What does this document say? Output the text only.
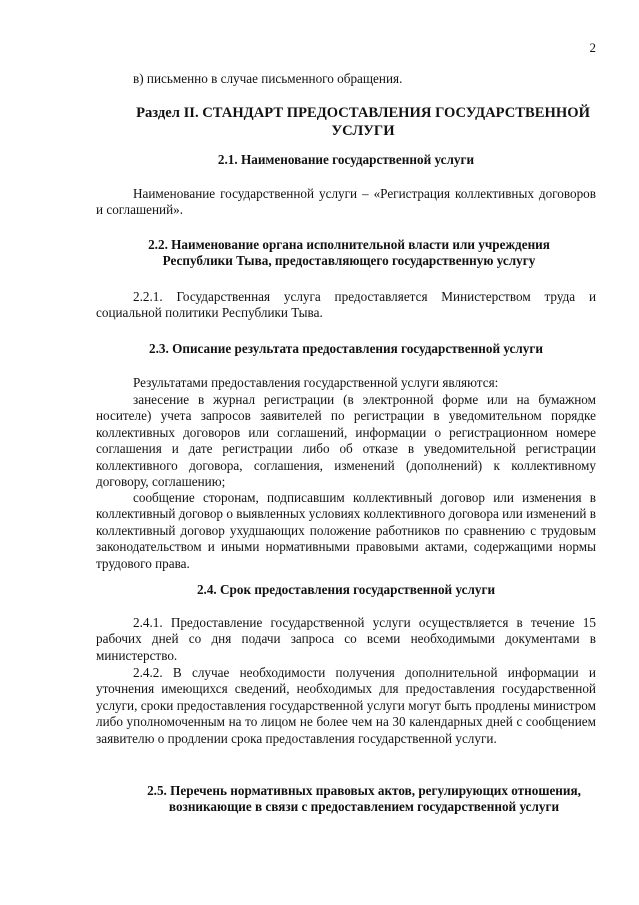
2

в) письменно в случае письменного обращения.

Раздел II. СТАНДАРТ ПРЕДОСТАВЛЕНИЯ ГОСУДАРСТВЕННОЙ УСЛУГИ

2.1. Наименование государственной услуги

Наименование государственной услуги – «Регистрация коллективных договоров и соглашений».

2.2. Наименование органа исполнительной власти или учреждения Республики Тыва, предоставляющего государственную услугу

2.2.1. Государственная услуга предоставляется Министерством труда и социальной политики Республики Тыва.

2.3. Описание результата предоставления государственной услуги

Результатами предоставления государственной услуги являются:

занесение в журнал регистрации (в электронной форме или на бумажном носителе) учета запросов заявителей по регистрации в уведомительном порядке коллективных договоров или соглашений, информации о регистрационном номере соглашения и дате регистрации либо об отказе в уведомительной регистрации коллективного договора, соглашения, изменений (дополнений) к коллективному договору, соглашению;

сообщение сторонам, подписавшим коллективный договор или изменения в коллективный договор о выявленных условиях коллективного договора или изменений в коллективный договор ухудшающих положение работников по сравнению с трудовым законодательством и иными нормативными правовыми актами, содержащими нормы трудового права.

2.4. Срок предоставления государственной услуги

2.4.1. Предоставление государственной услуги осуществляется в течение 15 рабочих дней со дня подачи запроса со всеми необходимыми документами в министерство.

2.4.2. В случае необходимости получения дополнительной информации и уточнения имеющихся сведений, необходимых для предоставления государственной услуги, сроки предоставления государственной услуги могут быть продлены министром либо уполномоченным на то лицом не более чем на 30 календарных дней с сообщением заявителю о продлении срока предоставления государственной услуги.

2.5. Перечень нормативных правовых актов, регулирующих отношения, возникающие в связи с предоставлением государственной услуги
